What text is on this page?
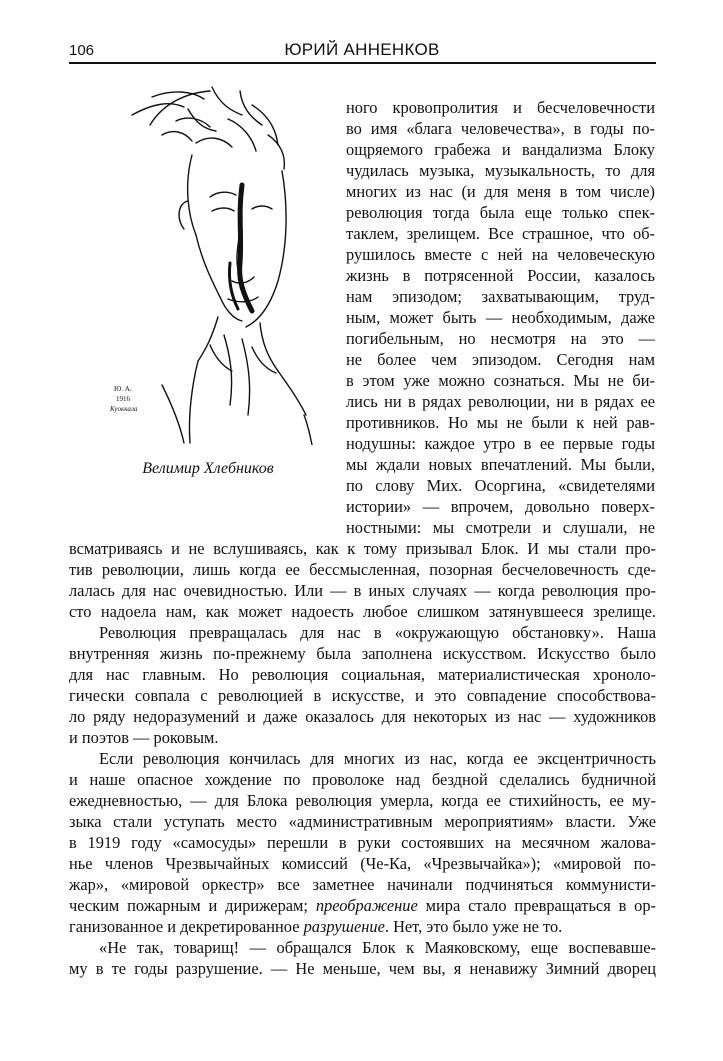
106	ЮРИЙ АННЕНКОВ
Ю. А.
1916
Куоккала
Велимир Хлебников
ного кровопролития и бесчеловечности
во имя «блага человечества», в годы по-
ощряемого грабежа и вандализма Блоку
чудилась музыка, музыкальность, то для
многих из нас (и для меня в том числе)
революция тогда была еще только спек-
таклем, зрелищем. Все страшное, что об-
рушилось вместе с ней на человеческую
жизнь в потрясенной России, казалось
нам эпизодом; захватывающим, труд-
ным, может быть — необходимым, даже
погибельным, но несмотря на это —
не более чем эпизодом. Сегодня нам
в этом уже можно сознаться. Мы не би-
лись ни в рядах революции, ни в рядах ее
противников. Но мы не были к ней рав-
нодушны: каждое утро в ее первые годы
мы ждали новых впечатлений. Мы были,
по слову Мих. Осоргина, «свидетелями
истории» — впрочем, довольно поверх-
ностными: мы смотрели и слушали, не
всматриваясь и не вслушиваясь, как к тому призывал Блок. И мы стали про-
тив революции, лишь когда ее бессмысленная, позорная бесчеловечность сде-
лалась для нас очевидностью. Или — в иных случаях — когда революция про-
сто надоела нам, как может надоесть любое слишком затянувшееся зрелище.
Революция превращалась для нас в «окружающую обстановку». Наша
внутренняя жизнь по-прежнему была заполнена искусством. Искусство было
для нас главным. Но революция социальная, материалистическая хроноло-
гически совпала с революцией в искусстве, и это совпадение способствова-
ло ряду недоразумений и даже оказалось для некоторых из нас — художников
и поэтов — роковым.
Если революция кончилась для многих из нас, когда ее эксцентричность
и наше опасное хождение по проволоке над бездной сделались будничной
ежедневностью, — для Блока революция умерла, когда ее стихийность, ее му-
зыка стали уступать место «административным мероприятиям» власти. Уже
в 1919 году «самосуды» перешли в руки состоявших на месячном жалова-
нье членов Чрезвычайных комиссий (Че-Ка, «Чрезвычайка»); «мировой по-
жар», «мировой оркестр» все заметнее начинали подчиняться коммунисти-
ческим пожарным и дирижерам; преображение мира стало превращаться в ор-
ганизованное и декретированное разрушение. Нет, это было уже не то.
«Не так, товарищ! — обращался Блок к Маяковскому, еще воспевавше-
му в те годы разрушение. — Не меньше, чем вы, я ненавижу Зимний дворец
